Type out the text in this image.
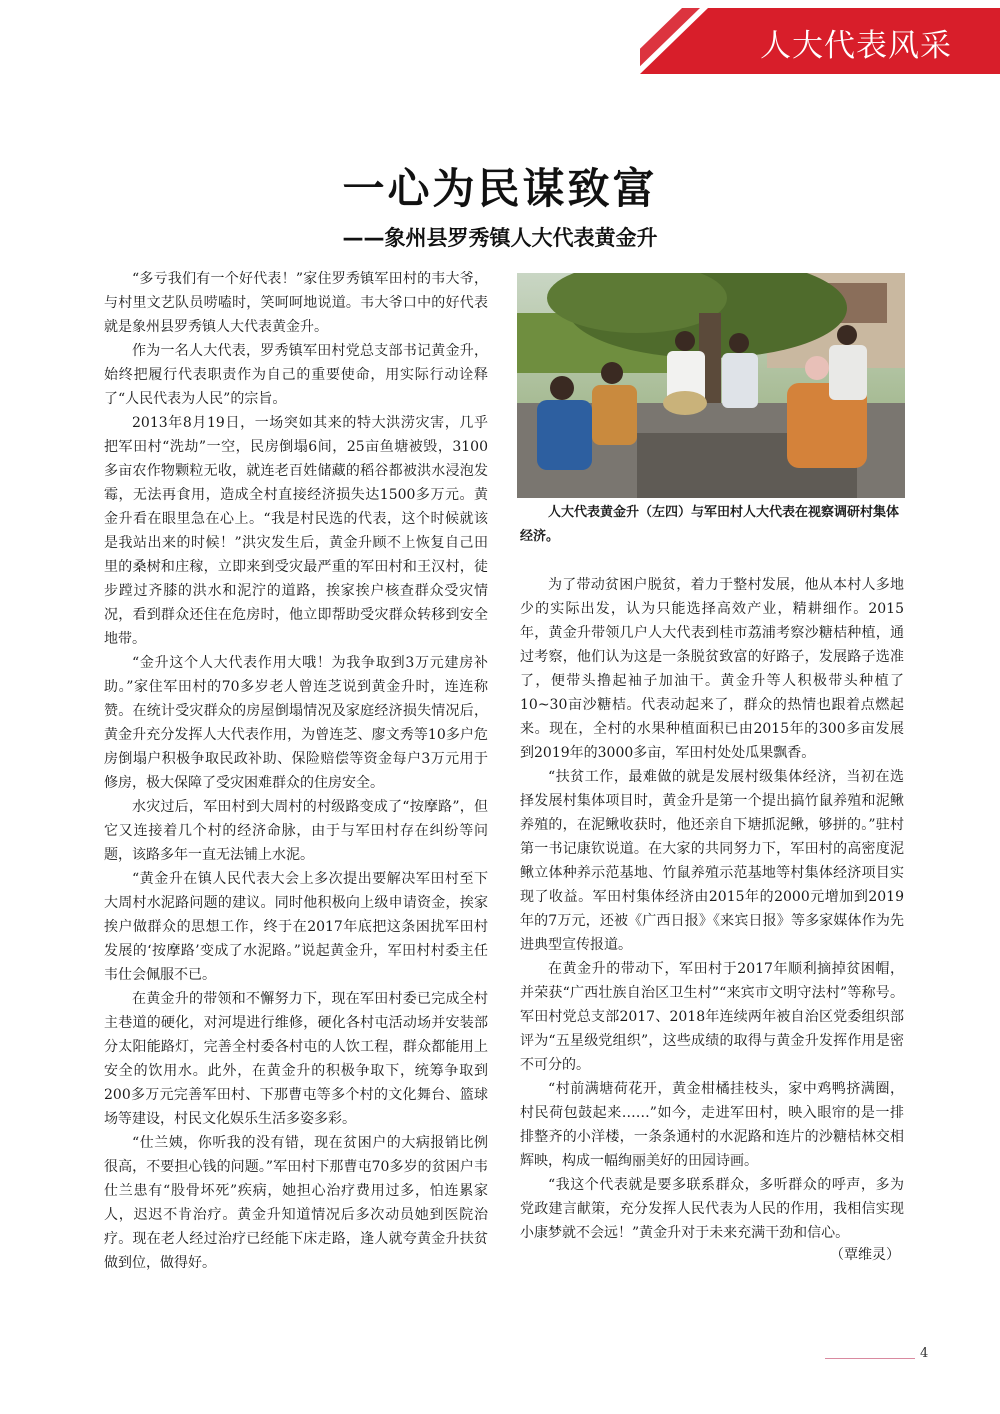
人大代表风采
一心为民谋致富
——象州县罗秀镇人大代表黄金升

“多亏我们有一个好代表！”家住罗秀镇军田村的韦大爷，与村里文艺队员唠嗑时，笑呵呵地说道。韦大爷口中的好代表就是象州县罗秀镇人大代表黄金升。

作为一名人大代表，罗秀镇军田村党总支部书记黄金升，始终把履行代表职责作为自己的重要使命，用实际行动诠释了“人民代表为人民”的宗旨。

2013年8月19日，一场突如其来的特大洪涝灾害，几乎把军田村“洗劫”一空，民房倒塌6间，25亩鱼塘被毁，3100多亩农作物颗粒无收，就连老百姓储藏的稻谷都被洪水浸泡发霉，无法再食用，造成全村直接经济损失达1500多万元。黄金升看在眼里急在心上。“我是村民选的代表，这个时候就该是我站出来的时候！”洪灾发生后，黄金升顾不上恢复自己田里的桑树和庄稼，立即来到受灾最严重的军田村和王汉村，徒步蹚过齐膝的洪水和泥泞的道路，挨家挨户核查群众受灾情况，看到群众还住在危房时，他立即帮助受灾群众转移到安全地带。

“金升这个人大代表作用大哦！为我争取到3万元建房补助。”家住军田村的70多岁老人曾连芝说到黄金升时，连连称赞。在统计受灾群众的房屋倒塌情况及家庭经济损失情况后，黄金升充分发挥人大代表作用，为曾连芝、廖文秀等10多户危房倒塌户积极争取民政补助、保险赔偿等资金每户3万元用于修房，极大保障了受灾困难群众的住房安全。

水灾过后，军田村到大周村的村级路变成了“按摩路”，但它又连接着几个村的经济命脉，由于与军田村存在纠纷等问题，该路多年一直无法铺上水泥。

“黄金升在镇人民代表大会上多次提出要解决军田村至下大周村水泥路问题的建议。同时他积极向上级申请资金，挨家挨户做群众的思想工作，终于在2017年底把这条困扰军田村发展的‘按摩路’变成了水泥路。”说起黄金升，军田村村委主任韦仕会佩服不已。

在黄金升的带领和不懈努力下，现在军田村委已完成全村主巷道的硬化，对河堤进行维修，硬化各村屯活动场并安装部分太阳能路灯，完善全村委各村屯的人饮工程，群众都能用上安全的饮用水。此外，在黄金升的积极争取下，统筹争取到200多万元完善军田村、下那曹屯等多个村的文化舞台、篮球场等建设，村民文化娱乐生活多姿多彩。

“仕兰姨，你听我的没有错，现在贫困户的大病报销比例很高，不要担心钱的问题。”军田村下那曹屯70多岁的贫困户韦仕兰患有“股骨坏死”疾病，她担心治疗费用过多，怕连累家人，迟迟不肯治疗。黄金升知道情况后多次动员她到医院治疗。现在老人经过治疗已经能下床走路，逢人就夸黄金升扶贫做到位，做得好。

人大代表黄金升（左四）与军田村人大代表在视察调研村集体经济。

为了带动贫困户脱贫，着力于整村发展，他从本村人多地少的实际出发，认为只能选择高效产业，精耕细作。2015年，黄金升带领几户人大代表到桂市荔浦考察沙糖桔种植，通过考察，他们认为这是一条脱贫致富的好路子，发展路子选准了，便带头撸起袖子加油干。黄金升等人积极带头种植了10~30亩沙糖桔。代表动起来了，群众的热情也跟着点燃起来。现在，全村的水果种植面积已由2015年的300多亩发展到2019年的3000多亩，军田村处处瓜果飘香。

“扶贫工作，最难做的就是发展村级集体经济，当初在选择发展村集体项目时，黄金升是第一个提出搞竹鼠养殖和泥鳅养殖的，在泥鳅收获时，他还亲自下塘抓泥鳅，够拼的。”驻村第一书记康钦说道。在大家的共同努力下，军田村的高密度泥鳅立体种养示范基地、竹鼠养殖示范基地等村集体经济项目实现了收益。军田村集体经济由2015年的2000元增加到2019年的7万元，还被《广西日报》《来宾日报》等多家媒体作为先进典型宣传报道。

在黄金升的带动下，军田村于2017年顺利摘掉贫困帽，并荣获“广西壮族自治区卫生村”“来宾市文明守法村”等称号。军田村党总支部2017、2018年连续两年被自治区党委组织部评为“五星级党组织”，这些成绩的取得与黄金升发挥作用是密不可分的。

“村前满塘荷花开，黄金柑橘挂枝头，家中鸡鸭挤满圈，村民荷包鼓起来……”如今，走进军田村，映入眼帘的是一排排整齐的小洋楼，一条条通村的水泥路和连片的沙糖桔林交相辉映，构成一幅绚丽美好的田园诗画。

“我这个代表就是要多联系群众，多听群众的呼声，多为党政建言献策，充分发挥人民代表为人民的作用，我相信实现小康梦就不会远！”黄金升对于未来充满干劲和信心。

（覃维灵）
4
